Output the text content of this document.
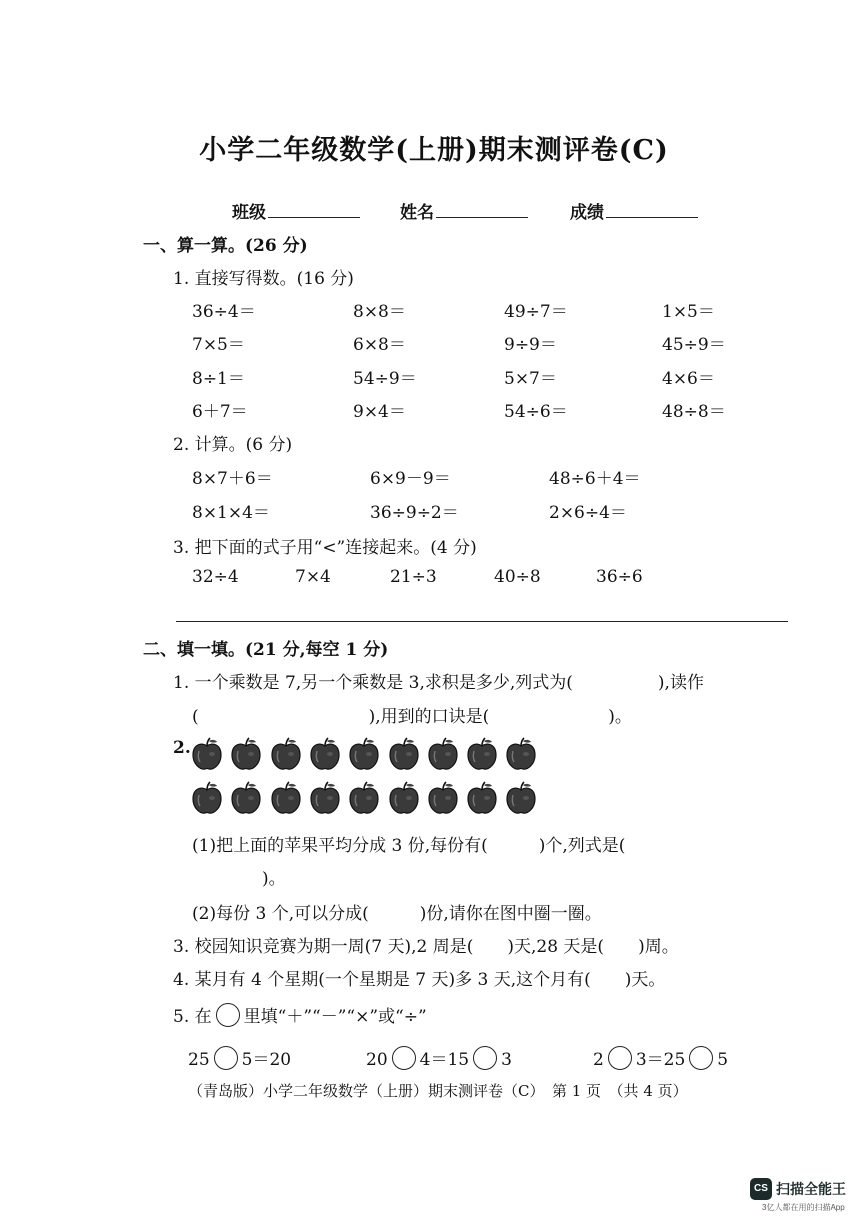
小学二年级数学(上册)期末测评卷(C)
班级	姓名	成绩
一、算一算。(26 分)
1. 直接写得数。(16 分)
36÷4＝	8×8＝	49÷7＝	1×5＝
7×5＝	6×8＝	9÷9＝	45÷9＝
8÷1＝	54÷9＝	5×7＝	4×6＝
6＋7＝	9×4＝	54÷6＝	48÷8＝
2. 计算。(6 分)
8×7＋6＝	6×9－9＝	48÷6＋4＝
8×1×4＝	36÷9÷2＝	2×6÷4＝
3. 把下面的式子用“<”连接起来。(4 分)
32÷4	7×4	21÷3	40÷8	36÷6
二、填一填。(21 分,每空 1 分)
1. 一个乘数是 7,另一个乘数是 3,求积是多少,列式为(　　　　　),读作
(　　　　　　　　　　),用到的口诀是(　　　　　　　)。
2.
(1)把上面的苹果平均分成 3 份,每份有(　　　)个,列式是(
)。
(2)每份 3 个,可以分成(　　　)份,请你在图中圈一圈。
3. 校园知识竞赛为期一周(7 天),2 周是(　　)天,28 天是(　　)周。
4. 某月有 4 个星期(一个星期是 7 天)多 3 天,这个月有(　　)天。
5. 在 里填“＋”“－”“×”或“÷”
25 5＝20	20 4＝15 3	2 3＝25 5
（青岛版）小学二年级数学（上册）期末测评卷（C）　第 1 页　（共 4 页）
CS 扫描全能王
3亿人都在用的扫描App
